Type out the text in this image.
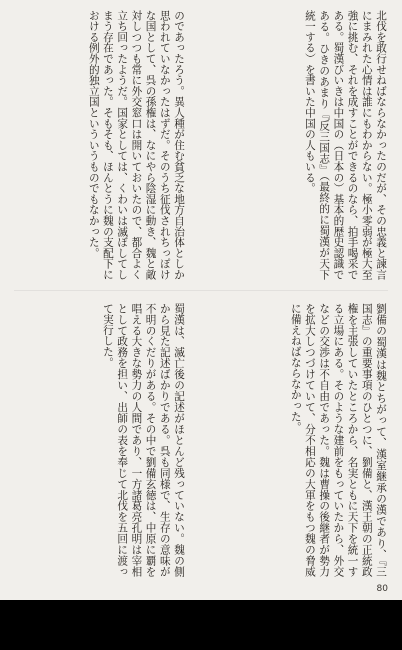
北伐を敢行せねばならなかったのだが、その忠義と諫言にまみれた心情は誰にもわからない。極小零弱が極大至強に挑む、それを成すことができるのなら、拍手喝采である。蜀漢びいきは中国の（日本の）基本的歴史認識である。ひきのあまり『反三国志』（最終的に蜀漢が天下統一する）を書いた中国の人もいる。
のであったろう。異人種が住む貧乏な地方自治体としか思われていなかったはずだ。そのうち征伐されちっぽけな国として、呉の孫権は、なにやら陰湿に動き、魏と敵対しつつも常に外交窓口は開いておいたので、都合よく立ち回ったようだ。国家としては、くわいは滅ぼしてしまう存在であった。そもそも、ほんとうに魏の支配下における例外的独立国といういうものでもなかった。
劉備の蜀漢は魏とちがって、漢室継承の漢であり、『三国志』の重要事項のひとつに、劉備と、漢王朝の正統政権を主張していたところから、名実ともに天下を統一する立場にある。そのような建前をもっていたから、外交などの交渉は不自由であった。魏は曹操の後継者が勢力を拡大しつづけていて、分不相応の大軍をもつ魏の脅威に備えねばならなかった。
蜀漢は、滅亡後の記述がほとんど残っていない。魏の側から見た記述ばかりである。呉も同様で、生存の意味が不明のくだりがある。その中で劉備玄徳は、中原に覇を唱える大きな勢力の人間であり、一方諸葛亮孔明は宰相として政務を担い、出師の表を奉じて北伐を五回に渡って実行した。
80
